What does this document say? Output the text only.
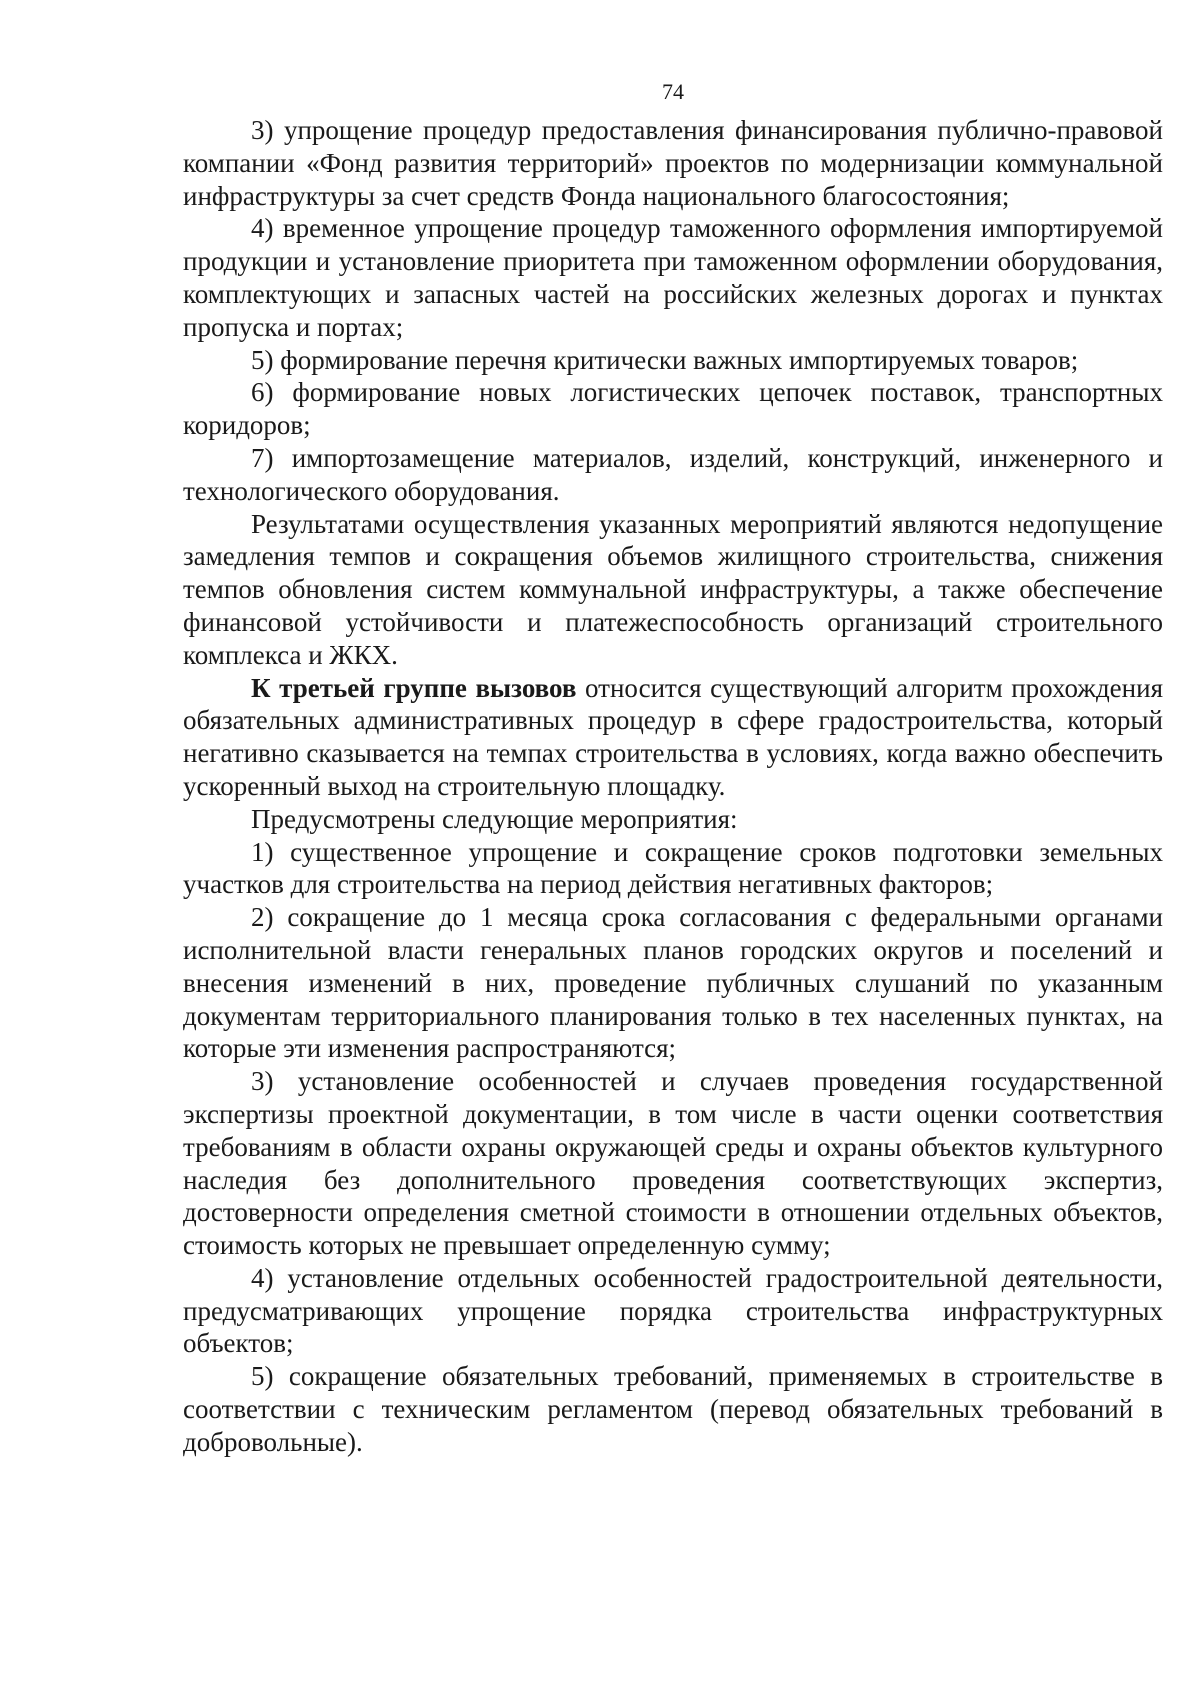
74

3) упрощение процедур предоставления финансирования публично-правовой компании «Фонд развития территорий» проектов по модернизации коммунальной инфраструктуры за счет средств Фонда национального благосостояния;

4) временное упрощение процедур таможенного оформления импортируемой продукции и установление приоритета при таможенном оформлении оборудования, комплектующих и запасных частей на российских железных дорогах и пунктах пропуска и портах;

5) формирование перечня критически важных импортируемых товаров;

6) формирование новых логистических цепочек поставок, транспортных коридоров;

7) импортозамещение материалов, изделий, конструкций, инженерного и технологического оборудования.

Результатами осуществления указанных мероприятий являются недопущение замедления темпов и сокращения объемов жилищного строительства, снижения темпов обновления систем коммунальной инфраструктуры, а также обеспечение финансовой устойчивости и платежеспособность организаций строительного комплекса и ЖКХ.

К третьей группе вызовов относится существующий алгоритм прохождения обязательных административных процедур в сфере градостроительства, который негативно сказывается на темпах строительства в условиях, когда важно обеспечить ускоренный выход на строительную площадку.

Предусмотрены следующие мероприятия:

1) существенное упрощение и сокращение сроков подготовки земельных участков для строительства на период действия негативных факторов;

2) сокращение до 1 месяца срока согласования с федеральными органами исполнительной власти генеральных планов городских округов и поселений и внесения изменений в них, проведение публичных слушаний по указанным документам территориального планирования только в тех населенных пунктах, на которые эти изменения распространяются;

3) установление особенностей и случаев проведения государственной экспертизы проектной документации, в том числе в части оценки соответствия требованиям в области охраны окружающей среды и охраны объектов культурного наследия без дополнительного проведения соответствующих экспертиз, достоверности определения сметной стоимости в отношении отдельных объектов, стоимость которых не превышает определенную сумму;

4) установление отдельных особенностей градостроительной деятельности, предусматривающих упрощение порядка строительства инфраструктурных объектов;

5) сокращение обязательных требований, применяемых в строительстве в соответствии с техническим регламентом (перевод обязательных требований в добровольные).
